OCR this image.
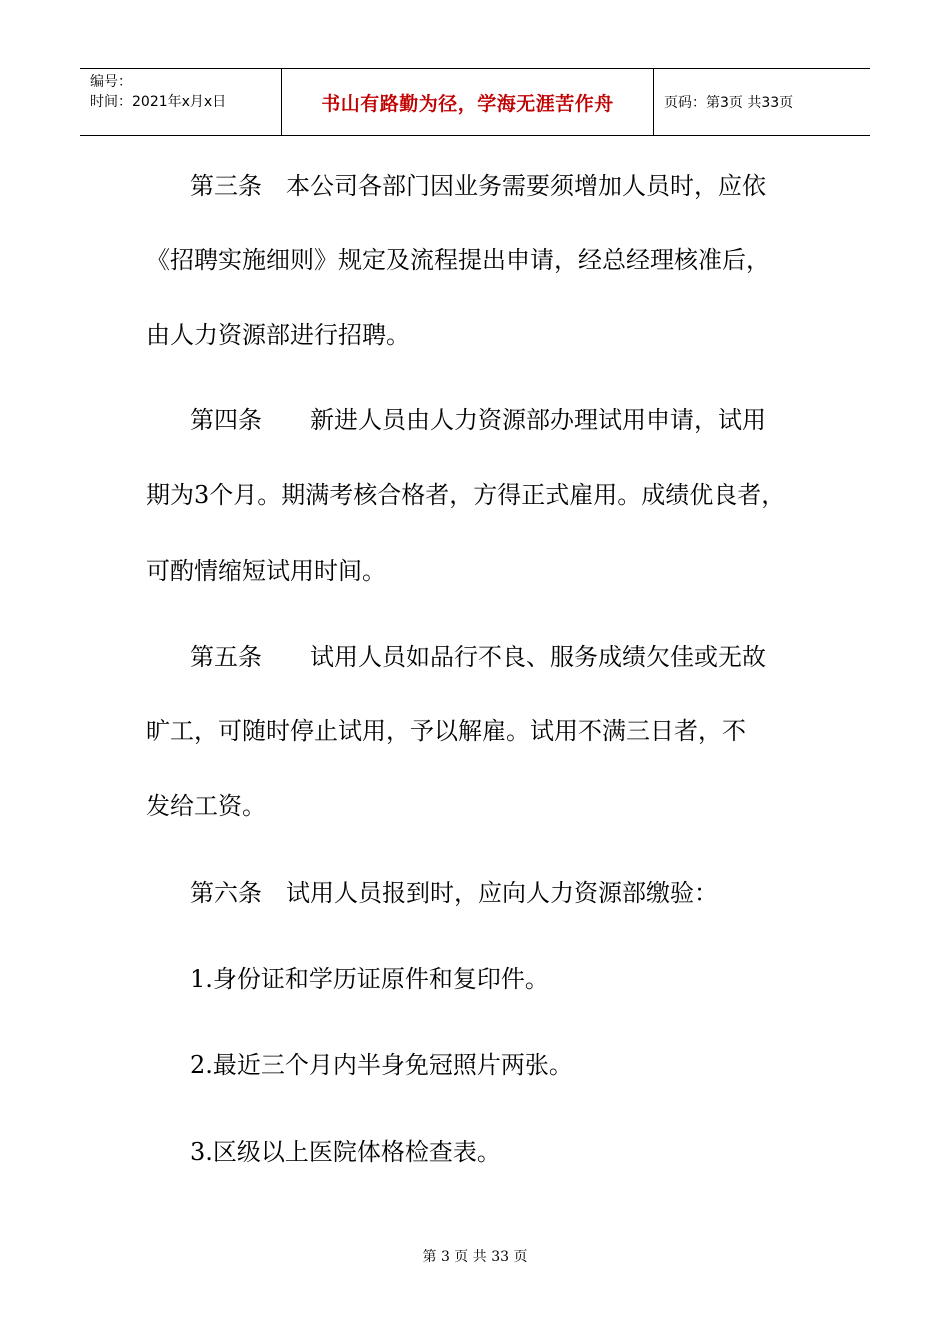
编号：
时间：2021年x月x日	书山有路勤为径，学海无涯苦作舟	页码：第3页 共33页
第三条　本公司各部门因业务需要须增加人员时，应依
《招聘实施细则》规定及流程提出申请，经总经理核准后，
由人力资源部进行招聘。
第四条　　新进人员由人力资源部办理试用申请，试用
期为3个月。期满考核合格者，方得正式雇用。成绩优良者，
可酌情缩短试用时间。
第五条　　试用人员如品行不良、服务成绩欠佳或无故
旷工，可随时停止试用，予以解雇。试用不满三日者，不
发给工资。
第六条　试用人员报到时，应向人力资源部缴验：
1.身份证和学历证原件和复印件。
2.最近三个月内半身免冠照片两张。
3.区级以上医院体格检查表。
第 3 页 共 33 页
